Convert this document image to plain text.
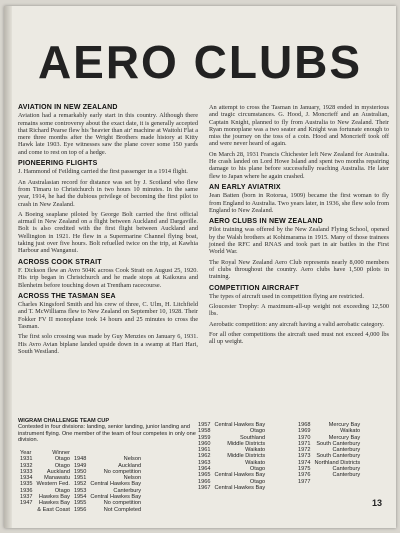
AERO CLUBS
AVIATION IN NEW ZEALAND

Aviation had a remarkably early start in this country. Although there remains some controversy about the exact date, it is generally accepted that Richard Pearse flew his 'heavier than air' machine at Waitohi Flat a mere three months after the Wright Brothers made history at Kitty Hawk late 1903. Eye witnesses saw the plane cover some 150 yards and come to rest on top of a hedge.

PIONEERING FLIGHTS

J. Hammond of Feilding carried the first passenger in a 1914 flight.

An Australasian record for distance was set by J. Scotland who flew from Timaru to Christchurch in two hours 10 minutes. In the same year, 1914, he had the dubious privilege of becoming the first pilot to crash in New Zealand.

A Boeing seaplane piloted by George Bolt carried the first official airmail in New Zealand on a flight between Auckland and Dargaville. Bolt is also credited with the first flight between Auckland and Wellington in 1921. He flew in a Supermarine Channel flying boat, taking just over five hours. Bolt refuelled twice on the trip, at Kawhia Harbour and Wanganui.

ACROSS COOK STRAIT

F. Dickson flew an Avro 504K across Cook Strait on August 25, 1920. His trip began in Christchurch and he made stops at Kaikoura and Blenheim before touching down at Trentham racecourse.

ACROSS THE TASMAN SEA

Charles Kingsford Smith and his crew of three, C. Ulm, H. Litchfield and T. McWilliams flew to New Zealand on September 10, 1928. Their Fokker FV II monoplane took 14 hours and 25 minutes to cross the Tasman.

The first solo crossing was made by Guy Menzies on January 6, 1931. His Avro Avian biplane landed upside down in a swamp at Hari Hari, South Westland.

An attempt to cross the Tasman in January, 1928 ended in mysterious and tragic circumstances. G. Hood, J. Moncrieff and an Australian, Captain Knight, planned to fly from Australia to New Zealand. Their Ryan monoplane was a two seater and Knight was fortunate enough to miss the journey on the toss of a coin. Hood and Moncrieff took off and were never heard of again.

On March 28, 1931 Francis Chichester left New Zealand for Australia. He crash landed on Lord Howe Island and spent two months repairing damage to his plane before successfully reaching Australia. He later flew to Japan where he again crashed.

AN EARLY AVIATRIX

Jean Batten (born in Rotorua, 1909) became the first woman to fly from England to Australia. Two years later, in 1936, she flew solo from England to New Zealand.

AERO CLUBS IN NEW ZEALAND

Pilot training was offered by the New Zealand Flying School, opened by the Walsh brothers at Kohimarama in 1915. Many of those trainees joined the RFC and RNAS and took part in air battles in the First World War.

The Royal New Zealand Aero Club represents nearly 8,000 members of clubs throughout the country. Aero clubs have 1,500 pilots in training.

COMPETITION AIRCRAFT

The types of aircraft used in competition flying are restricted.

Gloucester Trophy: A maximum-all-up weight not exceeding 12,500 lbs.

Aerobatic competition: any aircraft having a valid aerobatic category.

For all other competitions the aircraft used must not exceed 4,000 lbs all up weight.

WIGRAM CHALLENGE TEAM CUP
Contested in four divisions: landing, senior landing, junior landing and instrument flying. One member of the team of four competes in only one division.
Year	Winner		
1931	Otago	1948	Nelson
1932	Otago	1949	Auckland
1933	Auckland	1950	No competition
1934	Manawatu	1951	Nelson
1935	Western Fed.	1952	Central Hawkes Bay
1936	Otago	1953	Canterbury
1937	Hawkes Bay	1954	Central Hawkes Bay
1947	Hawkes Bay	1955	No competition
	& East Coast	1956	Not Completed
1957	Central Hawkes Bay
1958	Otago
1959	Southland
1960	Middle Districts
1961	Waikato
1962	Middle Districts
1963	Waikato
1964	Otago
1965	Central Hawkes Bay
1966	Otago
1967	Central Hawkes Bay
1968	Mercury Bay
1969	Waikato
1970	Mercury Bay
1971	South Canterbury
1972	Canterbury
1973	South Canterbury
1974	Northland Districts
1975	Canterbury
1976	Canterbury
1977	
13
